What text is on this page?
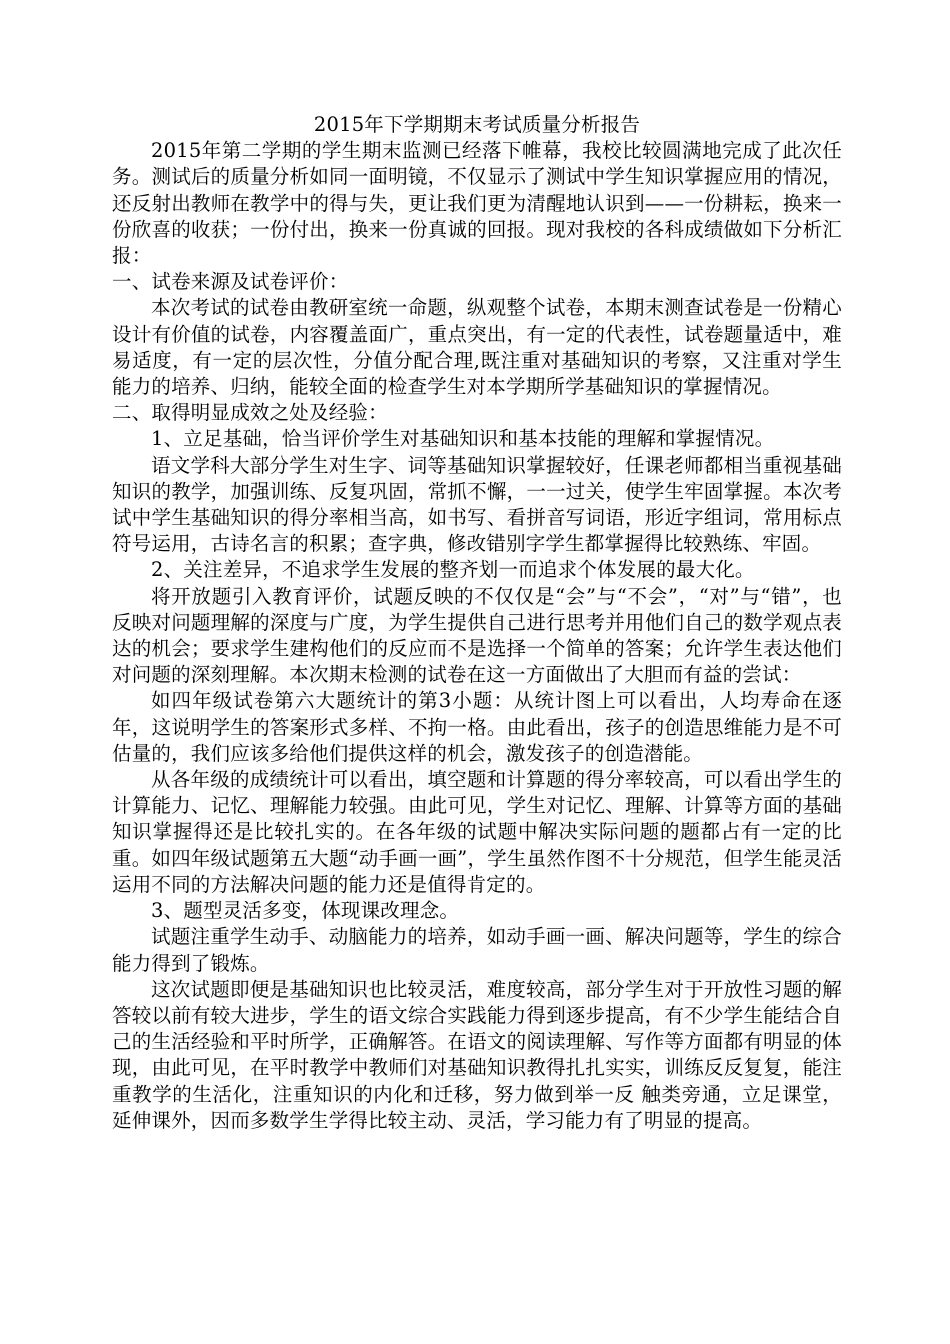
2015年下学期期末考试质量分析报告

2015年第二学期的学生期末监测已经落下帷幕，我校比较圆满地完成了此次任务。测试后的质量分析如同一面明镜，不仅显示了测试中学生知识掌握应用的情况，还反射出教师在教学中的得与失，更让我们更为清醒地认识到——一份耕耘，换来一份欣喜的收获；一份付出，换来一份真诚的回报。现对我校的各科成绩做如下分析汇报：

一、试卷来源及试卷评价：

本次考试的试卷由教研室统一命题，纵观整个试卷，本期末测查试卷是一份精心设计有价值的试卷，内容覆盖面广，重点突出，有一定的代表性，试卷题量适中，难易适度，有一定的层次性，分值分配合理,既注重对基础知识的考察，又注重对学生能力的培养、归纳，能较全面的检查学生对本学期所学基础知识的掌握情况。

二、取得明显成效之处及经验：

1、立足基础，恰当评价学生对基础知识和基本技能的理解和掌握情况。

语文学科大部分学生对生字、词等基础知识掌握较好，任课老师都相当重视基础知识的教学，加强训练、反复巩固，常抓不懈，一一过关，使学生牢固掌握。本次考试中学生基础知识的得分率相当高，如书写、看拼音写词语，形近字组词，常用标点符号运用，古诗名言的积累；查字典，修改错别字学生都掌握得比较熟练、牢固。

2、关注差异，不追求学生发展的整齐划一而追求个体发展的最大化。

将开放题引入教育评价，试题反映的不仅仅是“会”与“不会”，“对”与“错”，也反映对问题理解的深度与广度，为学生提供自己进行思考并用他们自己的数学观点表达的机会；要求学生建构他们的反应而不是选择一个简单的答案；允许学生表达他们对问题的深刻理解。本次期末检测的试卷在这一方面做出了大胆而有益的尝试：

如四年级试卷第六大题统计的第3小题：从统计图上可以看出，人均寿命在逐年，这说明学生的答案形式多样、不拘一格。由此看出，孩子的创造思维能力是不可估量的，我们应该多给他们提供这样的机会，激发孩子的创造潜能。

从各年级的成绩统计可以看出，填空题和计算题的得分率较高，可以看出学生的计算能力、记忆、理解能力较强。由此可见，学生对记忆、理解、计算等方面的基础知识掌握得还是比较扎实的。在各年级的试题中解决实际问题的题都占有一定的比重。如四年级试题第五大题“动手画一画”，学生虽然作图不十分规范，但学生能灵活运用不同的方法解决问题的能力还是值得肯定的。

3、题型灵活多变，体现课改理念。

试题注重学生动手、动脑能力的培养，如动手画一画、解决问题等，学生的综合能力得到了锻炼。

这次试题即便是基础知识也比较灵活，难度较高，部分学生对于开放性习题的解答较以前有较大进步，学生的语文综合实践能力得到逐步提高，有不少学生能结合自己的生活经验和平时所学，正确解答。在语文的阅读理解、写作等方面都有明显的体现，由此可见，在平时教学中教师们对基础知识教得扎扎实实，训练反反复复，能注重教学的生活化，注重知识的内化和迁移，努力做到举一反 触类旁通，立足课堂，延伸课外，因而多数学生学得比较主动、灵活，学习能力有了明显的提高。
